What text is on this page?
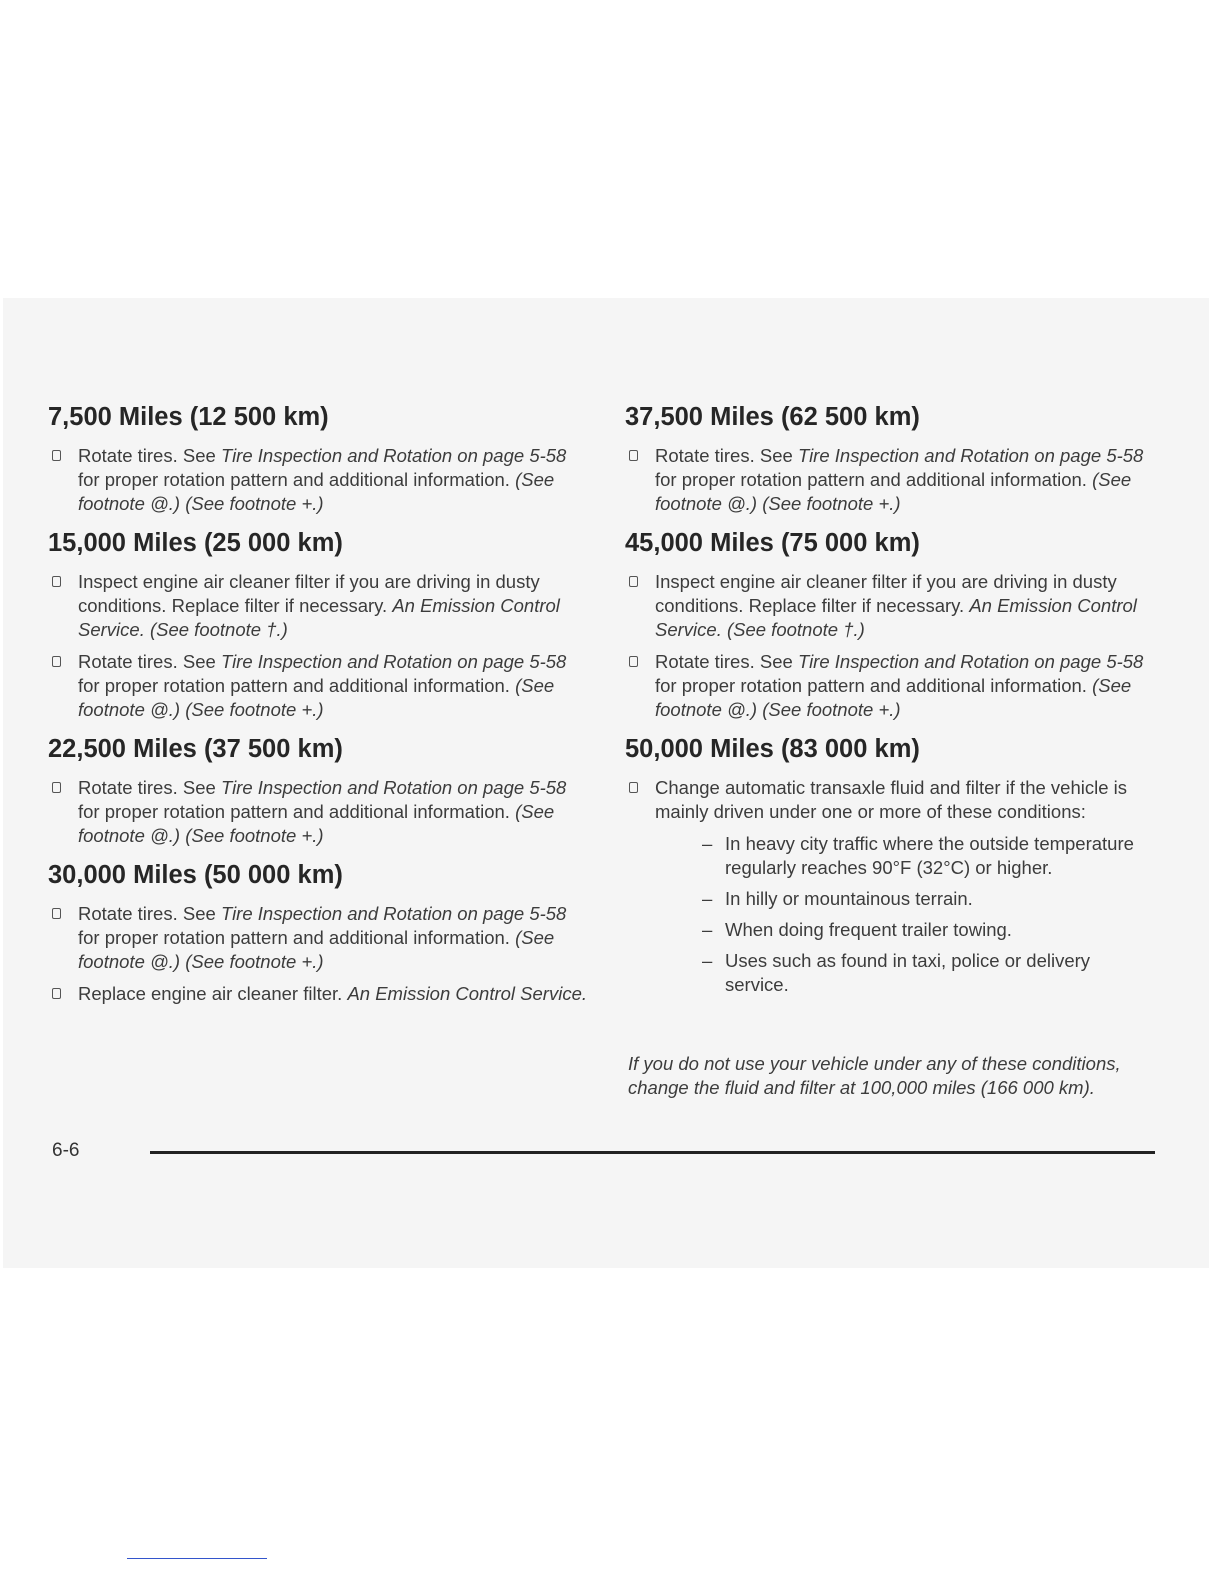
7,500 Miles (12 500 km)
Rotate tires. See Tire Inspection and Rotation on page 5-58 for proper rotation pattern and additional information. (See footnote @.) (See footnote +.)
15,000 Miles (25 000 km)
Inspect engine air cleaner filter if you are driving in dusty conditions. Replace filter if necessary. An Emission Control Service. (See footnote †.)
Rotate tires. See Tire Inspection and Rotation on page 5-58 for proper rotation pattern and additional information. (See footnote @.) (See footnote +.)
22,500 Miles (37 500 km)
Rotate tires. See Tire Inspection and Rotation on page 5-58 for proper rotation pattern and additional information. (See footnote @.) (See footnote +.)
30,000 Miles (50 000 km)
Rotate tires. See Tire Inspection and Rotation on page 5-58 for proper rotation pattern and additional information. (See footnote @.) (See footnote +.)
Replace engine air cleaner filter. An Emission Control Service.
37,500 Miles (62 500 km)
Rotate tires. See Tire Inspection and Rotation on page 5-58 for proper rotation pattern and additional information. (See footnote @.) (See footnote +.)
45,000 Miles (75 000 km)
Inspect engine air cleaner filter if you are driving in dusty conditions. Replace filter if necessary. An Emission Control Service. (See footnote †.)
Rotate tires. See Tire Inspection and Rotation on page 5-58 for proper rotation pattern and additional information. (See footnote @.) (See footnote +.)
50,000 Miles (83 000 km)
Change automatic transaxle fluid and filter if the vehicle is mainly driven under one or more of these conditions:
– In heavy city traffic where the outside temperature regularly reaches 90°F (32°C) or higher.
– In hilly or mountainous terrain.
– When doing frequent trailer towing.
– Uses such as found in taxi, police or delivery service.
If you do not use your vehicle under any of these conditions, change the fluid and filter at 100,000 miles (166 000 km).
6-6
